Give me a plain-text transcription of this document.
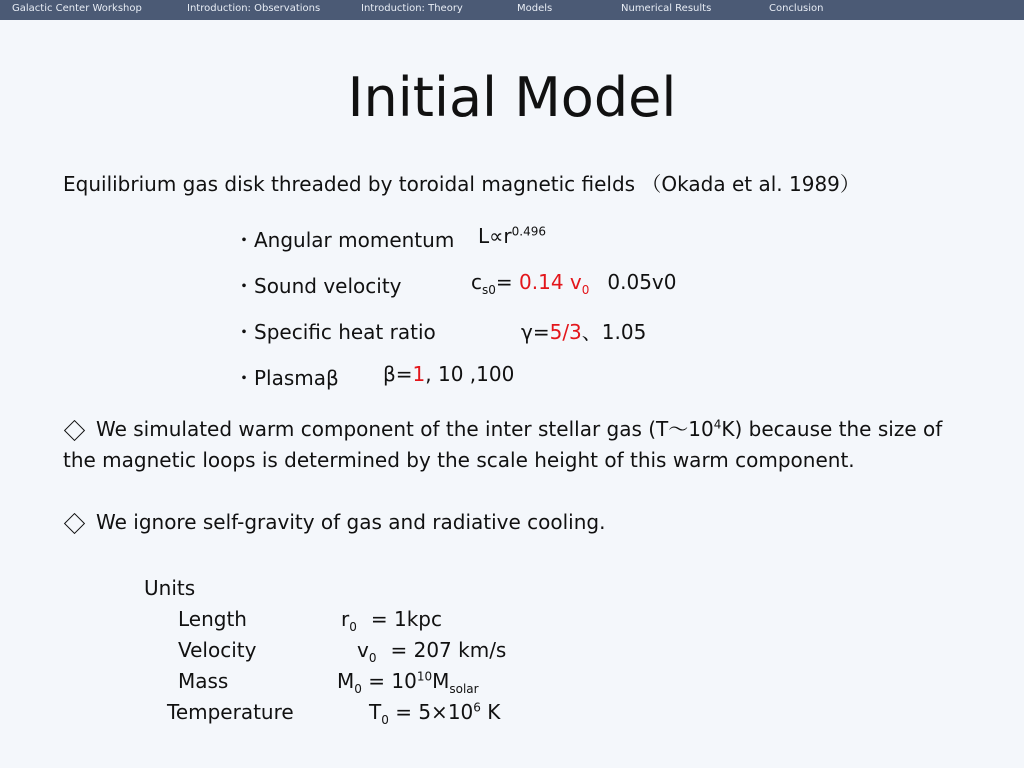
Galactic Center Workshop	Introduction: Observations	Introduction: Theory	Models	Numerical Results	Conclusion
Initial Model
Equilibrium gas disk threaded by toroidal magnetic fields （Okada et al. 1989）
・Angular momentum $L\propto r^{0.496}$
・Sound velocity	$c_{s0}= 0.14$ $v_0$ 0.05v0
・Specific heat ratio	γ=5/3、1.05
・Plasmaβ β=1, 10 ,100
We simulated warm component of the inter stellar gas $(T\sim 10^4K)$ because the size of the magnetic loops is determined by the scale height of this warm component.
We ignore self-gravity of gas and radiative cooling.
Units
Length	$r_0 = 1kpc$
Velocity	$v_0 = 207$ km/s
Mass	$M_0 = 10^{10}M_{solar}$
Temperature	$T_0 = 5\times 10^6$ K
